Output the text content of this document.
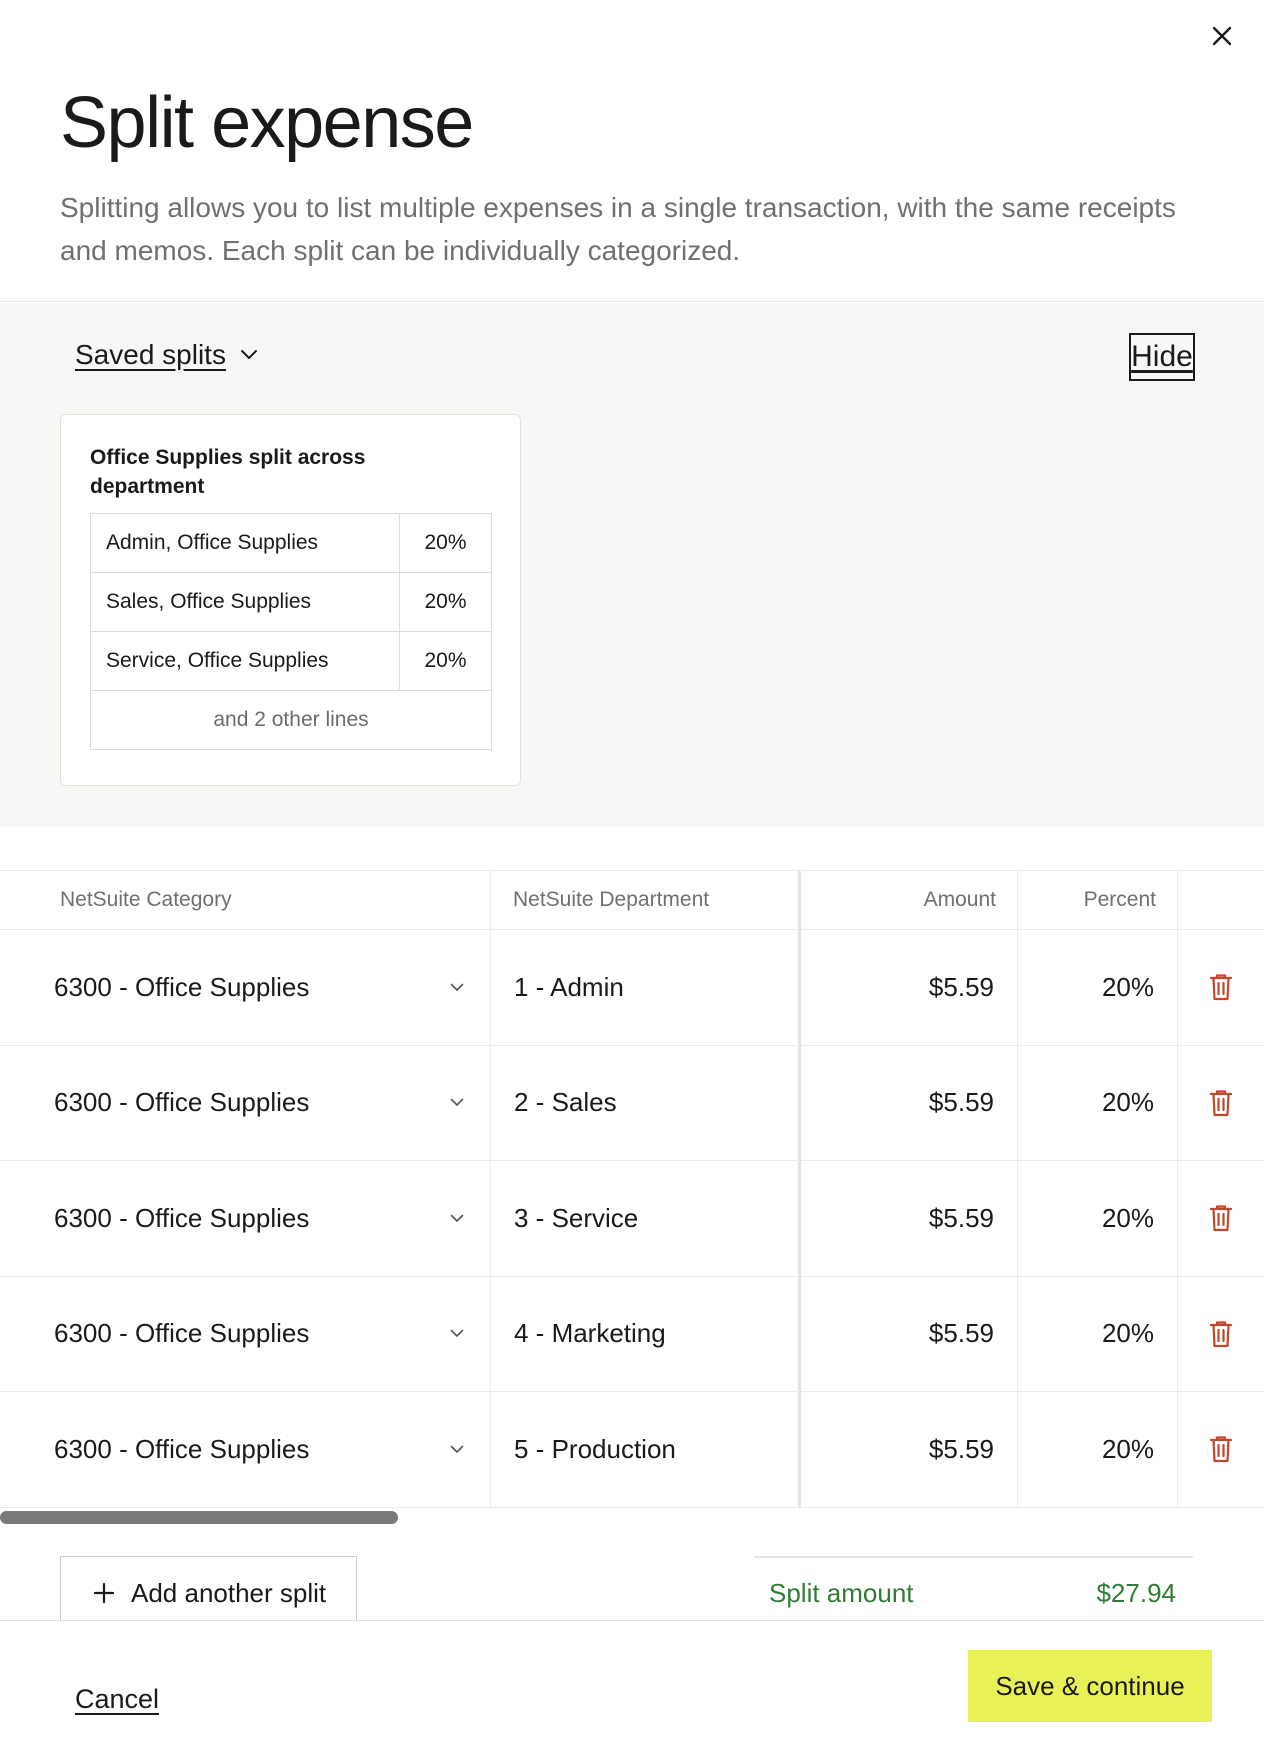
Split expense

Splitting allows you to list multiple expenses in a single transaction, with the same receipts and memos. Each split can be individually categorized.

Saved splits	Hide
Office Supplies split across department
Admin, Office Supplies	20%
Sales, Office Supplies	20%
Service, Office Supplies	20%
and 2 other lines	
NetSuite Category	NetSuite Department	Amount	Percent
6300 - Office Supplies	1 - Admin	$5.59	20%
6300 - Office Supplies	2 - Sales	$5.59	20%
6300 - Office Supplies	3 - Service	$5.59	20%
6300 - Office Supplies	4 - Marketing	$5.59	20%
6300 - Office Supplies	5 - Production	$5.59	20%
Add another split	Split amount	$27.94
Cancel	Save & continue
